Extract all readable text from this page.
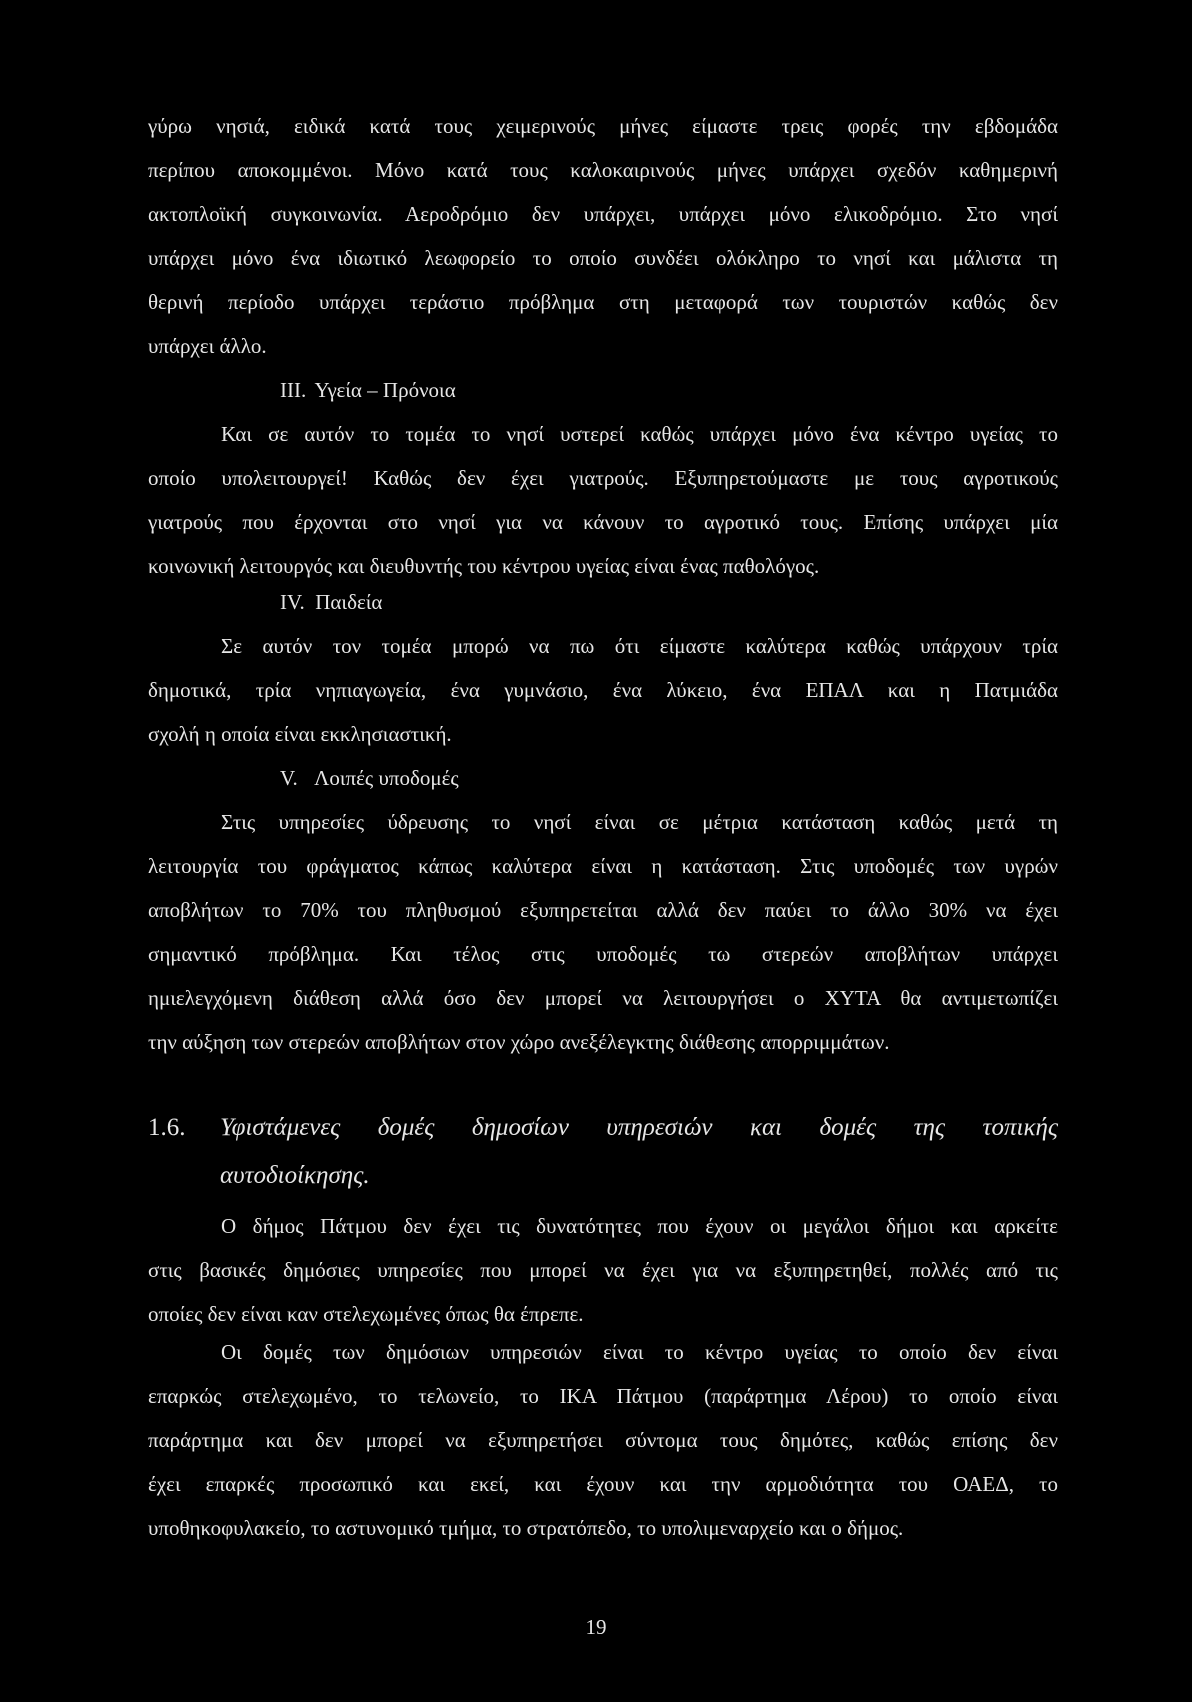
γύρω νησιά, ειδικά κατά τους χειμερινούς μήνες είμαστε τρεις φορές την εβδομάδα
περίπου αποκομμένοι. Μόνο κατά τους καλοκαιρινούς μήνες υπάρχει σχεδόν καθημερινή
ακτοπλοϊκή συγκοινωνία. Αεροδρόμιο δεν υπάρχει, υπάρχει μόνο ελικοδρόμιο. Στο νησί
υπάρχει μόνο ένα ιδιωτικό λεωφορείο το οποίο συνδέει ολόκληρο το νησί και μάλιστα τη
θερινή περίοδο υπάρχει τεράστιο πρόβλημα στη μεταφορά των τουριστών καθώς δεν
υπάρχει άλλο.
III. Υγεία – Πρόνοια
Και σε αυτόν το τομέα το νησί υστερεί καθώς υπάρχει μόνο ένα κέντρο υγείας το
οποίο υπολειτουργεί! Καθώς δεν έχει γιατρούς. Εξυπηρετούμαστε με τους αγροτικούς
γιατρούς που έρχονται στο νησί για να κάνουν το αγροτικό τους. Επίσης υπάρχει μία
κοινωνική λειτουργός και διευθυντής του κέντρου υγείας είναι ένας παθολόγος.
IV. Παιδεία
Σε αυτόν τον τομέα μπορώ να πω ότι είμαστε καλύτερα καθώς υπάρχουν τρία
δημοτικά, τρία νηπιαγωγεία, ένα γυμνάσιο, ένα λύκειο, ένα ΕΠΑΛ και η Πατμιάδα
σχολή η οποία είναι εκκλησιαστική.
V. Λοιπές υποδομές
Στις υπηρεσίες ύδρευσης το νησί είναι σε μέτρια κατάσταση καθώς μετά τη
λειτουργία του φράγματος κάπως καλύτερα είναι η κατάσταση. Στις υποδομές των υγρών
αποβλήτων το 70% του πληθυσμού εξυπηρετείται αλλά δεν παύει το άλλο 30% να έχει
σημαντικό πρόβλημα. Και τέλος στις υποδομές τω στερεών αποβλήτων υπάρχει
ημιελεγχόμενη διάθεση αλλά όσο δεν μπορεί να λειτουργήσει ο ΧΥΤΑ θα αντιμετωπίζει
την αύξηση των στερεών αποβλήτων στον χώρο ανεξέλεγκτης διάθεσης απορριμμάτων.
1.6. Υφιστάμενες δομές δημοσίων υπηρεσιών και δομές της τοπικής
αυτοδιοίκησης.
Ο δήμος Πάτμου δεν έχει τις δυνατότητες που έχουν οι μεγάλοι δήμοι και αρκείτε
στις βασικές δημόσιες υπηρεσίες που μπορεί να έχει για να εξυπηρετηθεί, πολλές από τις
οποίες δεν είναι καν στελεχωμένες όπως θα έπρεπε.
Οι δομές των δημόσιων υπηρεσιών είναι το κέντρο υγείας το οποίο δεν είναι
επαρκώς στελεχωμένο, το τελωνείο, το ΙΚΑ Πάτμου (παράρτημα Λέρου) το οποίο είναι
παράρτημα και δεν μπορεί να εξυπηρετήσει σύντομα τους δημότες, καθώς επίσης δεν
έχει επαρκές προσωπικό και εκεί, και έχουν και την αρμοδιότητα του ΟΑΕΔ, το
υποθηκοφυλακείο, το αστυνομικό τμήμα, το στρατόπεδο, το υπολιμεναρχείο και ο δήμος.
19
